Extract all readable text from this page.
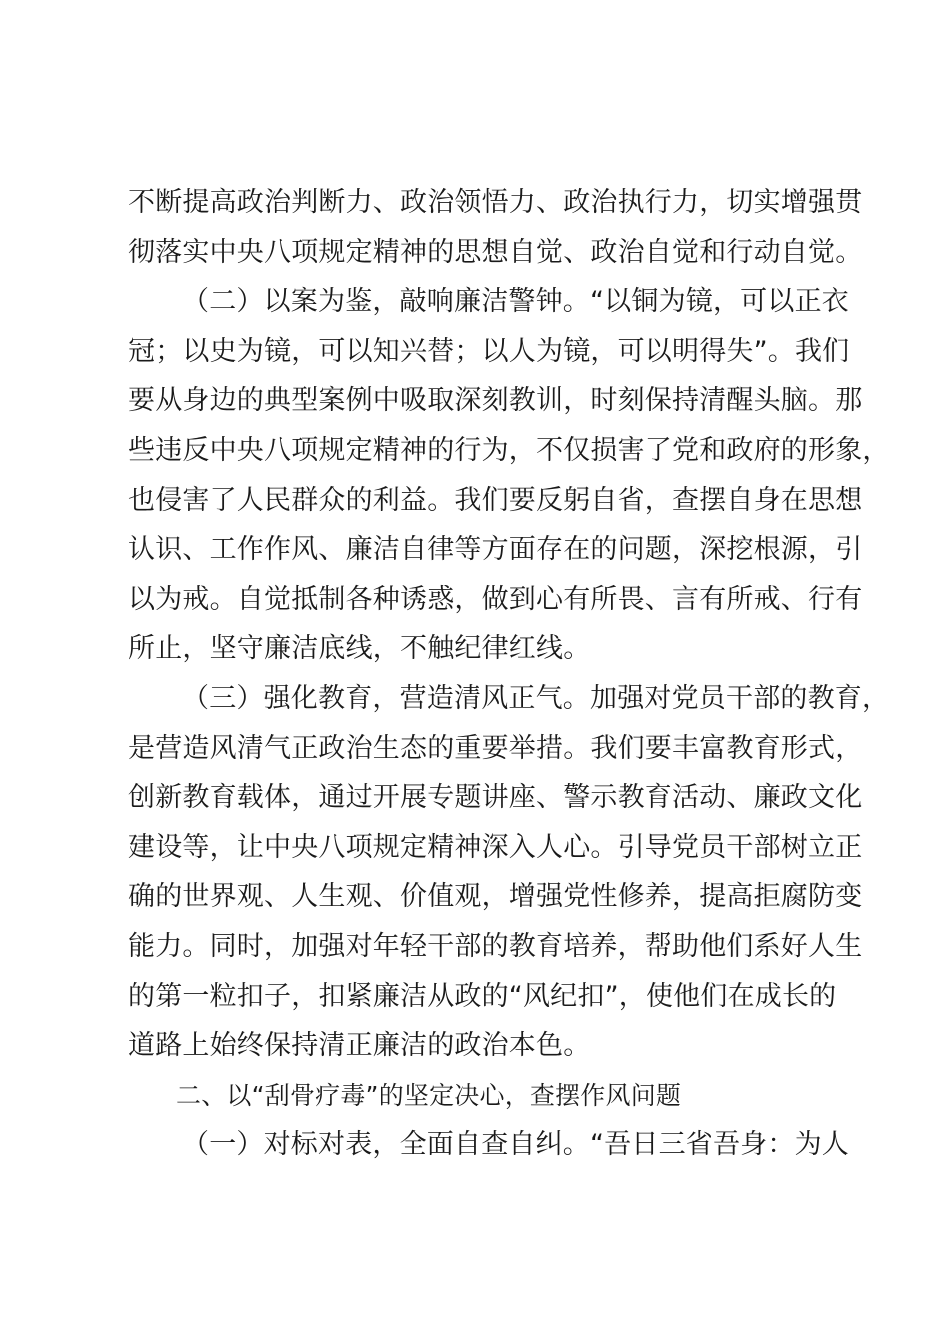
不断提高政治判断力、政治领悟力、政治执行力，切实增强贯
彻落实中央八项规定精神的思想自觉、政治自觉和行动自觉。
（二）以案为鉴，敲响廉洁警钟。“以铜为镜，可以正衣
冠；以史为镜，可以知兴替；以人为镜，可以明得失”。我们
要从身边的典型案例中吸取深刻教训，时刻保持清醒头脑。那
些违反中央八项规定精神的行为，不仅损害了党和政府的形象，
也侵害了人民群众的利益。我们要反躬自省，查摆自身在思想
认识、工作作风、廉洁自律等方面存在的问题，深挖根源，引
以为戒。自觉抵制各种诱惑，做到心有所畏、言有所戒、行有
所止，坚守廉洁底线，不触纪律红线。
（三）强化教育，营造清风正气。加强对党员干部的教育，
是营造风清气正政治生态的重要举措。我们要丰富教育形式，
创新教育载体，通过开展专题讲座、警示教育活动、廉政文化
建设等，让中央八项规定精神深入人心。引导党员干部树立正
确的世界观、人生观、价值观，增强党性修养，提高拒腐防变
能力。同时，加强对年轻干部的教育培养，帮助他们系好人生
的第一粒扣子，扣紧廉洁从政的“风纪扣”，使他们在成长的
道路上始终保持清正廉洁的政治本色。
二、以“刮骨疗毒”的坚定决心，查摆作风问题
（一）对标对表，全面自查自纠。“吾日三省吾身：为人
